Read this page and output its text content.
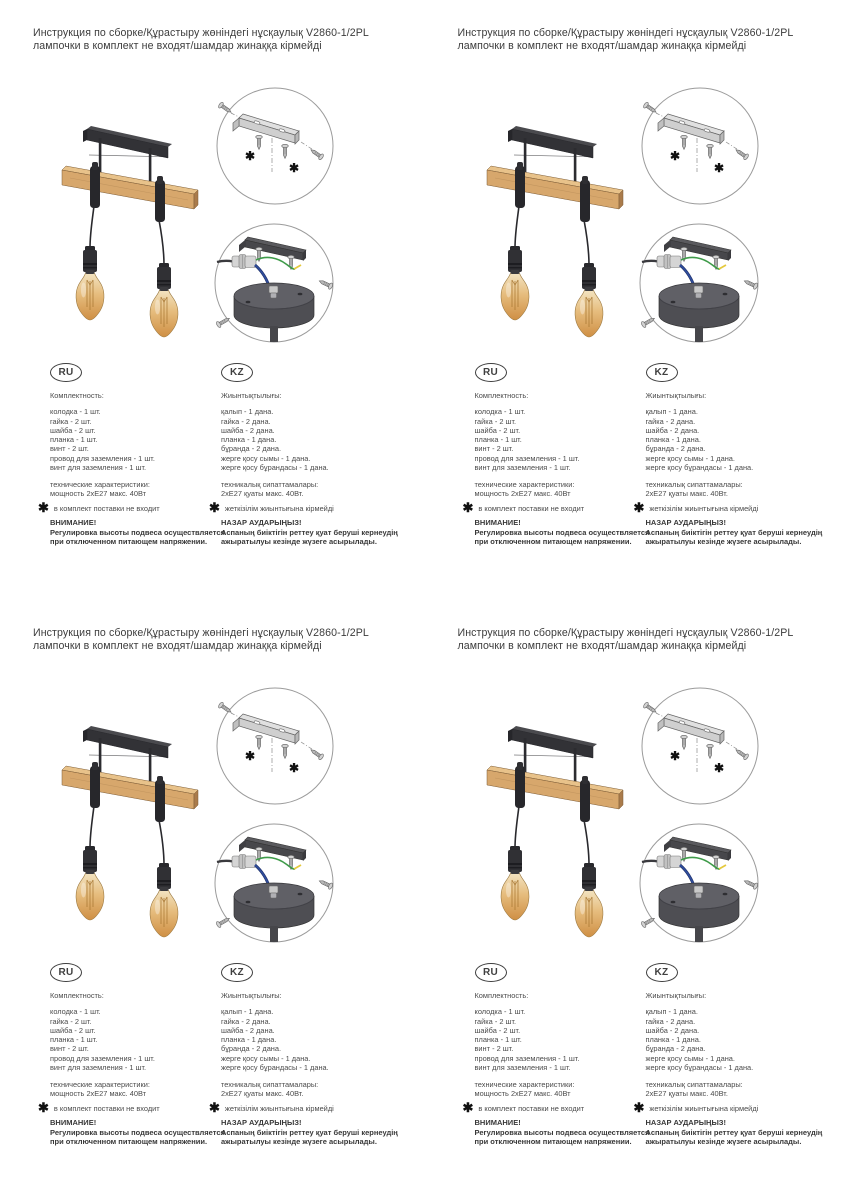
Инструкция по сборке/Құрастыру жөніндегі нұсқаулық V2860-1/2PL
лампочки в комплект не входят/шамдар жинаққа кірмейді
✱
✱
RU
Комплектность:
колодка - 1 шт.
гайка - 2 шт.
шайба - 2 шт.
планка - 1 шт.
винт - 2 шт.
провод для заземления - 1 шт.
винт для заземления - 1 шт.
технические характеристики:
мощность 2хЕ27 макс. 40Вт
✱ в комплект поставки не входит
ВНИМАНИЕ!
Регулировка высоты подвеса осуществляется при отключенном питающем напряжении.
KZ
Жиынтықтылығы:
қалып - 1 дана.
гайка - 2 дана.
шайба - 2 дана.
планка - 1 дана.
бұранда - 2 дана.
жерге қосу сымы - 1 дана.
жерге қосу бұрандасы - 1 дана.
техникалық сипаттамалары:
2хЕ27 қуаты макс. 40Вт.
✱ жеткізілім жиынтығына кірмейді
НАЗАР АУДАРЫҢЫЗ!
Аспаның биіктігін реттеу қуат беруші кернеудің ажыратылуы кезінде жүзеге асырылады.
Инструкция по сборке/Құрастыру жөніндегі нұсқаулық V2860-1/2PL
лампочки в комплект не входят/шамдар жинаққа кірмейді
✱
✱
RU
Комплектность:
колодка - 1 шт.
гайка - 2 шт.
шайба - 2 шт.
планка - 1 шт.
винт - 2 шт.
провод для заземления - 1 шт.
винт для заземления - 1 шт.
технические характеристики:
мощность 2хЕ27 макс. 40Вт
✱ в комплект поставки не входит
ВНИМАНИЕ!
Регулировка высоты подвеса осуществляется при отключенном питающем напряжении.
KZ
Жиынтықтылығы:
қалып - 1 дана.
гайка - 2 дана.
шайба - 2 дана.
планка - 1 дана.
бұранда - 2 дана.
жерге қосу сымы - 1 дана.
жерге қосу бұрандасы - 1 дана.
техникалық сипаттамалары:
2хЕ27 қуаты макс. 40Вт.
✱ жеткізілім жиынтығына кірмейді
НАЗАР АУДАРЫҢЫЗ!
Аспаның биіктігін реттеу қуат беруші кернеудің ажыратылуы кезінде жүзеге асырылады.
Инструкция по сборке/Құрастыру жөніндегі нұсқаулық V2860-1/2PL
лампочки в комплект не входят/шамдар жинаққа кірмейді
✱
✱
RU
Комплектность:
колодка - 1 шт.
гайка - 2 шт.
шайба - 2 шт.
планка - 1 шт.
винт - 2 шт.
провод для заземления - 1 шт.
винт для заземления - 1 шт.
технические характеристики:
мощность 2хЕ27 макс. 40Вт
✱ в комплект поставки не входит
ВНИМАНИЕ!
Регулировка высоты подвеса осуществляется при отключенном питающем напряжении.
KZ
Жиынтықтылығы:
қалып - 1 дана.
гайка - 2 дана.
шайба - 2 дана.
планка - 1 дана.
бұранда - 2 дана.
жерге қосу сымы - 1 дана.
жерге қосу бұрандасы - 1 дана.
техникалық сипаттамалары:
2хЕ27 қуаты макс. 40Вт.
✱ жеткізілім жиынтығына кірмейді
НАЗАР АУДАРЫҢЫЗ!
Аспаның биіктігін реттеу қуат беруші кернеудің ажыратылуы кезінде жүзеге асырылады.
Инструкция по сборке/Құрастыру жөніндегі нұсқаулық V2860-1/2PL
лампочки в комплект не входят/шамдар жинаққа кірмейді
✱
✱
RU
Комплектность:
колодка - 1 шт.
гайка - 2 шт.
шайба - 2 шт.
планка - 1 шт.
винт - 2 шт.
провод для заземления - 1 шт.
винт для заземления - 1 шт.
технические характеристики:
мощность 2хЕ27 макс. 40Вт
✱ в комплект поставки не входит
ВНИМАНИЕ!
Регулировка высоты подвеса осуществляется при отключенном питающем напряжении.
KZ
Жиынтықтылығы:
қалып - 1 дана.
гайка - 2 дана.
шайба - 2 дана.
планка - 1 дана.
бұранда - 2 дана.
жерге қосу сымы - 1 дана.
жерге қосу бұрандасы - 1 дана.
техникалық сипаттамалары:
2хЕ27 қуаты макс. 40Вт.
✱ жеткізілім жиынтығына кірмейді
НАЗАР АУДАРЫҢЫЗ!
Аспаның биіктігін реттеу қуат беруші кернеудің ажыратылуы кезінде жүзеге асырылады.
